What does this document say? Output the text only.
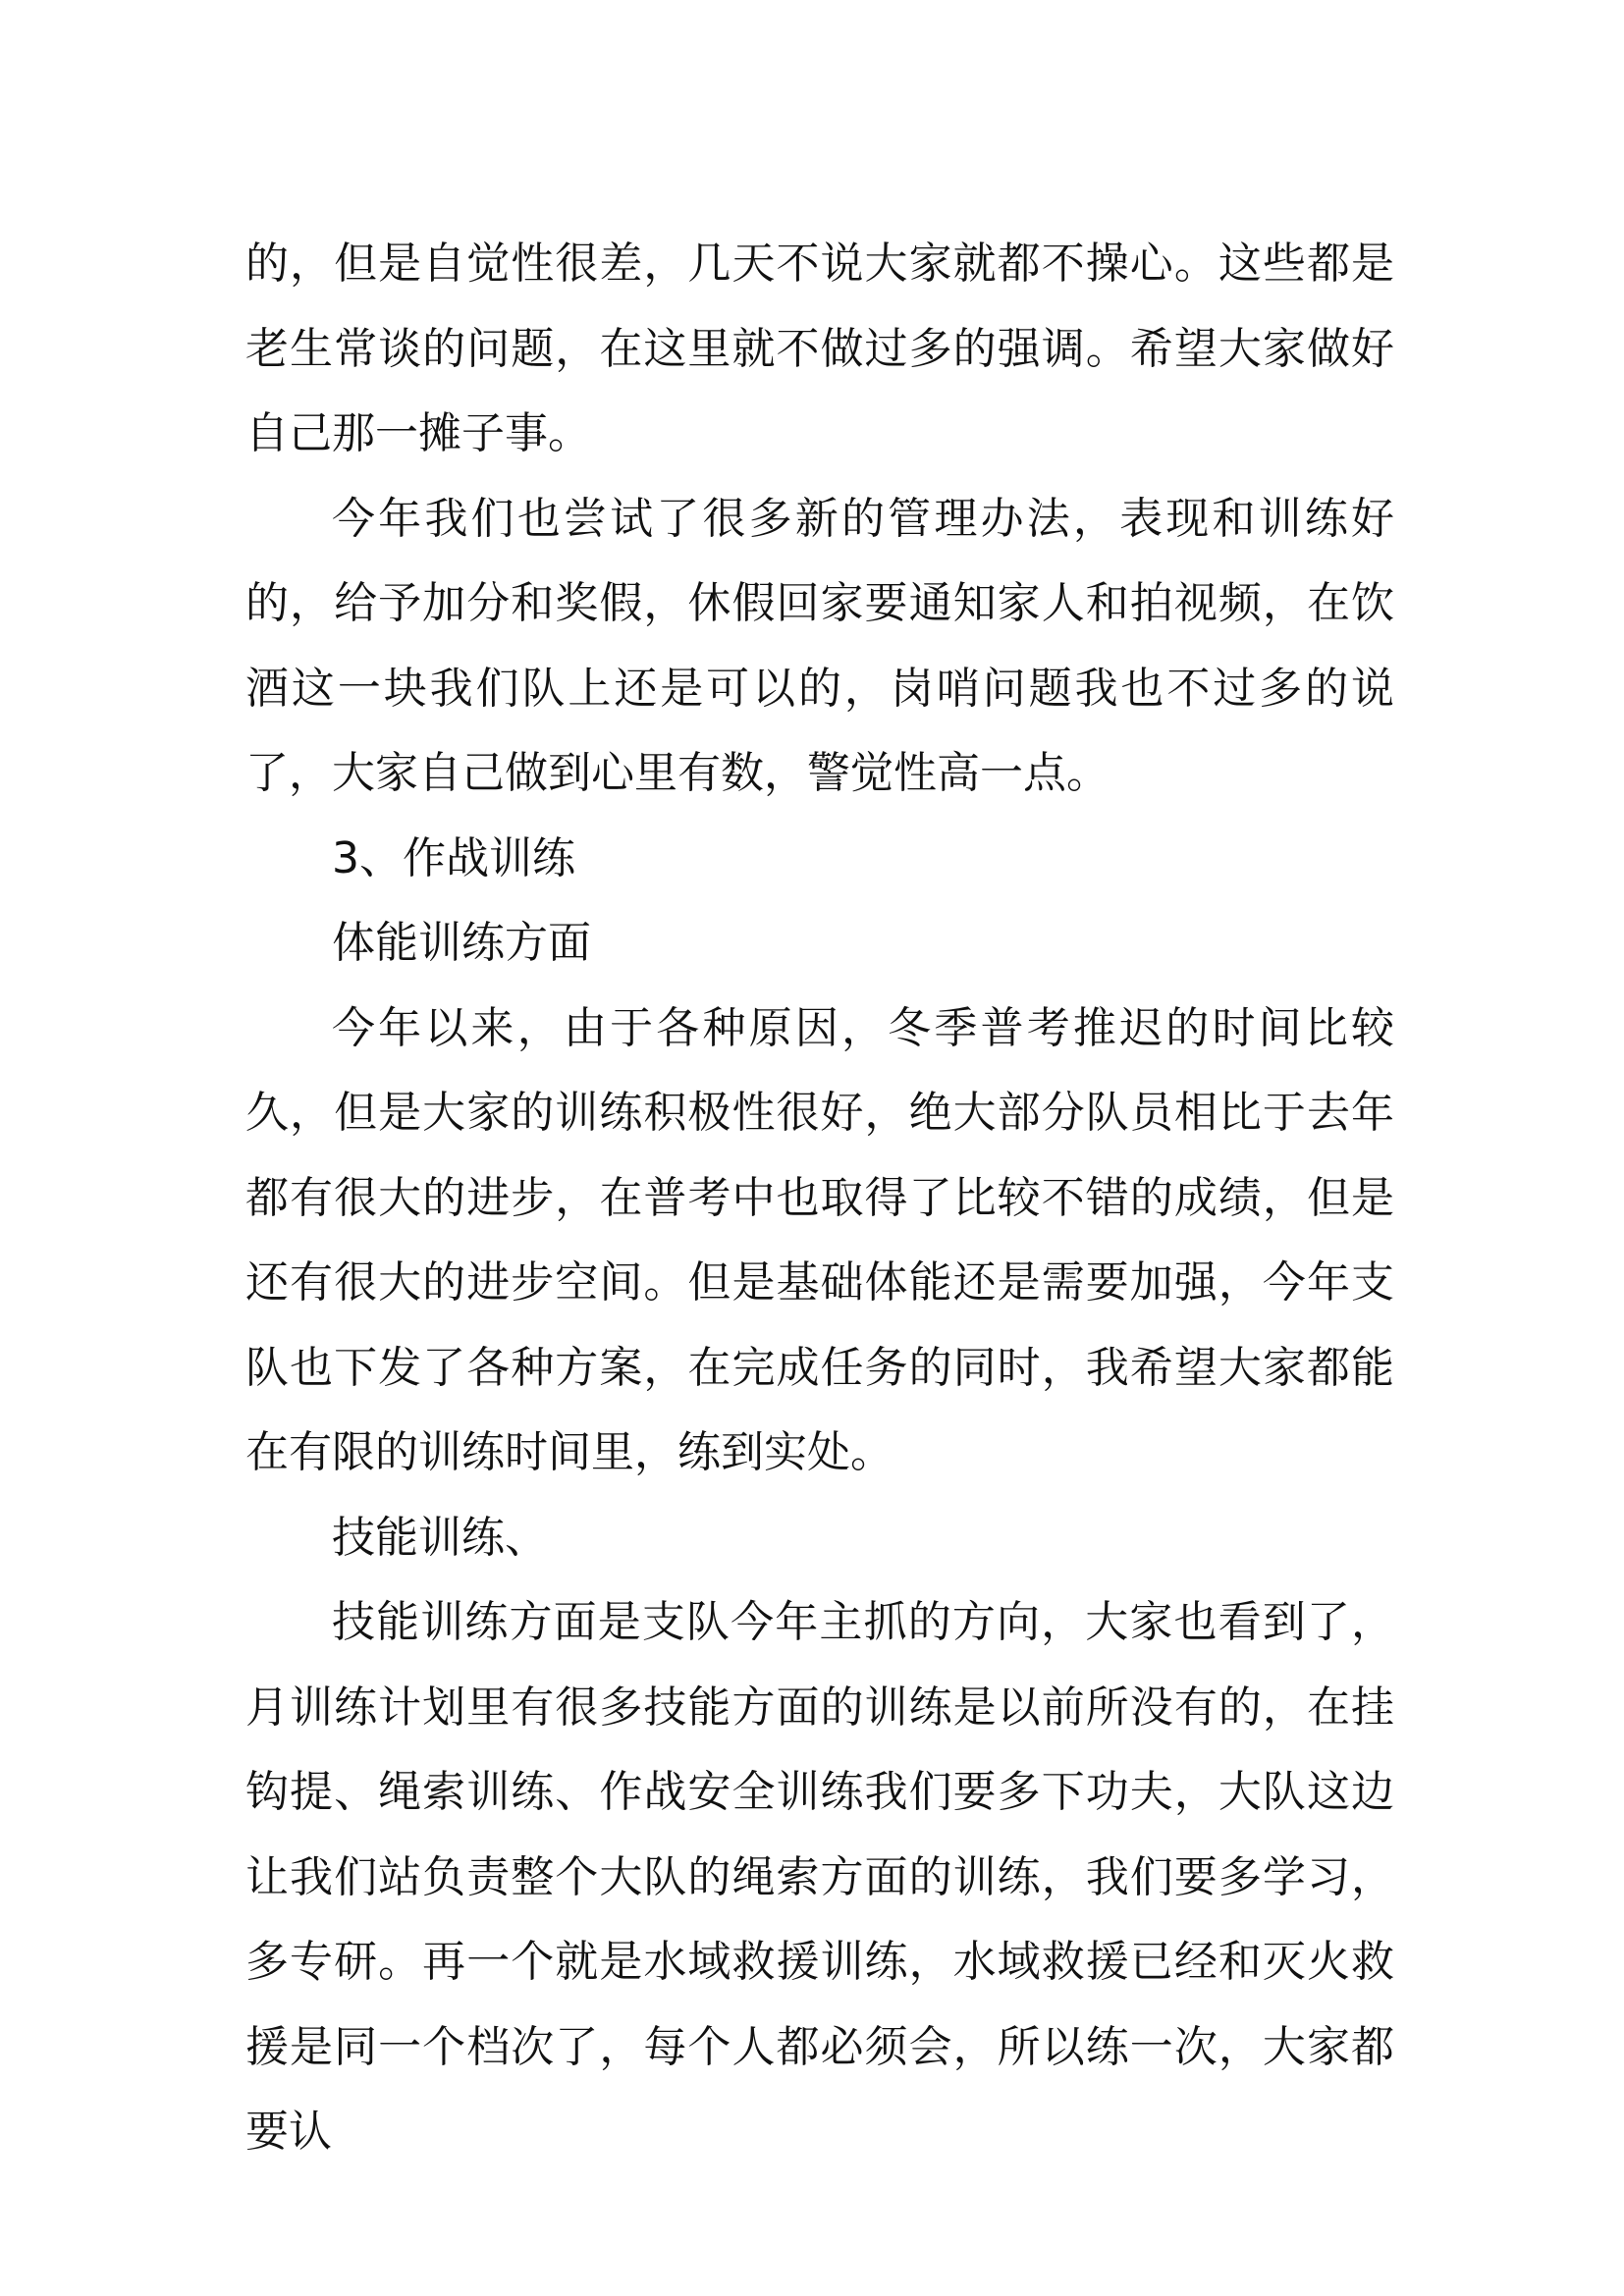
的，但是自觉性很差，几天不说大家就都不操心。这些都是老生常谈的问题，在这里就不做过多的强调。希望大家做好自己那一摊子事。

今年我们也尝试了很多新的管理办法，表现和训练好的，给予加分和奖假，休假回家要通知家人和拍视频，在饮酒这一块我们队上还是可以的，岗哨问题我也不过多的说了，大家自己做到心里有数，警觉性高一点。

3、作战训练

体能训练方面

今年以来，由于各种原因，冬季普考推迟的时间比较久，但是大家的训练积极性很好，绝大部分队员相比于去年都有很大的进步，在普考中也取得了比较不错的成绩，但是还有很大的进步空间。但是基础体能还是需要加强，今年支队也下发了各种方案，在完成任务的同时，我希望大家都能在有限的训练时间里，练到实处。

技能训练、

技能训练方面是支队今年主抓的方向，大家也看到了，月训练计划里有很多技能方面的训练是以前所没有的，在挂钩提、绳索训练、作战安全训练我们要多下功夫，大队这边让我们站负责整个大队的绳索方面的训练，我们要多学习，多专研。再一个就是水域救援训练，水域救援已经和灭火救援是同一个档次了，每个人都必须会，所以练一次，大家都要认
